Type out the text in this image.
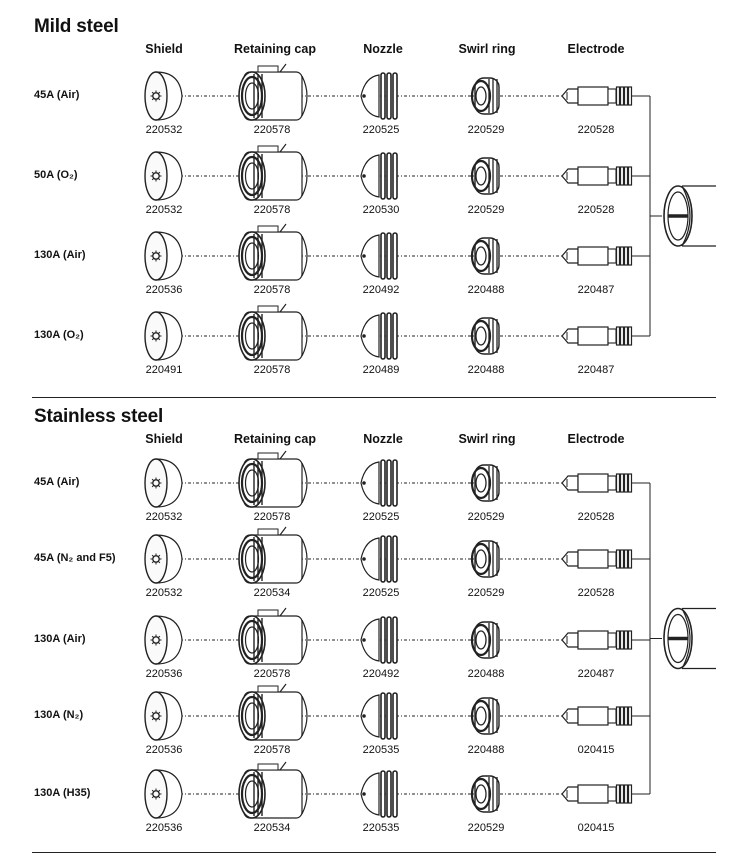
Mild steel
Shield	Retaining cap	Nozzle	Swirl ring	Electrode
Stainless steel
Shield	Retaining cap	Nozzle	Swirl ring	Electrode
45A (Air)
220532	220578	220525	220529	220528
50A (O₂)
220532	220578	220530	220529	220528
130A (Air)
220536	220578	220492	220488	220487
130A (O₂)
220491	220578	220489	220488	220487
45A (Air)
220532	220578	220525	220529	220528
45A (N₂ and F5)
220532	220534	220525	220529	220528
130A (Air)
220536	220578	220492	220488	220487
130A (N₂)
220536	220578	220535	220488	020415
130A (H35)
220536	220534	220535	220529	020415
